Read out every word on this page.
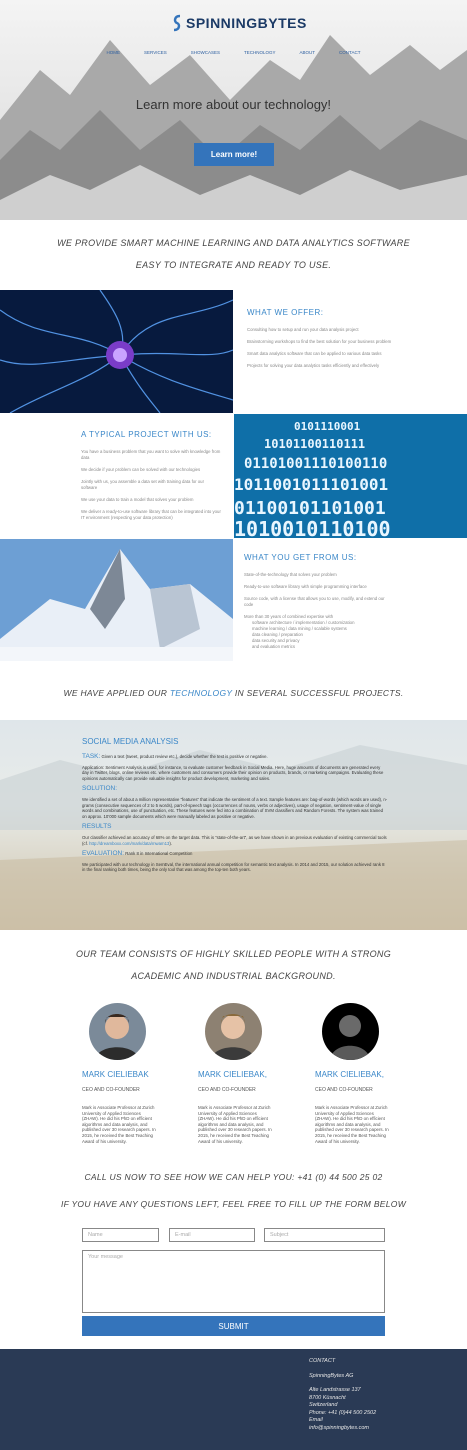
SPINNINGBYTES
HOME	SERVICES	SHOWCASES	TECHNOLOGY	ABOUT	CONTACT
Learn more about our technology!
Learn more!
WE PROVIDE SMART MACHINE LEARNING AND DATA ANALYTICS SOFTWARE
EASY TO INTEGRATE AND READY TO USE.
WHAT WE OFFER:
Consulting how to setup and run your data analysis project
Brainstorming workshops to find the best solution for your business problem
Smart data analytics software that can be applied to various data tasks
Projects for solving your data analytics tasks efficiently and effectively
0101110001
10101100110111
01101001110100110
1011001011101001
01100101101001
1010010110100
A TYPICAL PROJECT WITH US:
You have a business problem that you want to solve with knowledge from data
We decide if your problem can be solved with our technologies
Jointly with us, you assemble a data set with training data for our software
We use your data to train a model that solves your problem
We deliver a ready-to-use software library that can be integrated into your IT environment (respecting your data protection)
WHAT YOU GET FROM US:
State-of-the-technology that solves your problem
Ready-to-use software library with simple programming interface
Source code, with a license that allows you to use, modify, and extend our code
More than 30 years of combined expertise with
software architecture / implementation / customization
machine learning / data mining / scalable systems
data cleaning / preparation
data security and privacy
and evaluation metrics
WE HAVE APPLIED OUR TECHNOLOGY IN SEVERAL SUCCESSFUL PROJECTS.
SOCIAL MEDIA ANALYSIS

TASK: Given a text (tweet, product review etc.), decide whether the text is positive or negative.

Application: Sentiment Analysis is used, for instance, to evaluate customer feedback in Social Media. Here, huge amounts of documents are generated every day in Twitter, blogs, online reviews etc. where customers and consumers provide their opinion on products, brands, or marketing campaigns. Evaluating these opinions automatically can provide valuable insights for product development, marketing and sales.

SOLUTION:

We identified a set of about a million representative “features” that indicate the sentiment of a text. Sample features are: bag-of-words (which words are used), n-grams (consecutive sequences of 2 to 5 words), part-of-speech tags (occurrences of nouns, verbs or adjectives), usage of negation, sentiment-value of single words and combinations, use of punctuation, etc. These features were fed into a combination of SVM classifiers and Random Forests. The system was trained on approx. 10’000 sample documents which were manually labeled as positive or negative.

RESULTS

Our classifier achieved an accuracy of 68% on the target data. This is “state-of-the-art”, as we have shown in an previous evaluation of existing commercial tools (cf. http://dreamboxx.com/mark/data/mwam13).

EVALUATION: Rank 8 in International Competition

We participated with our technology in SemEval, the international annual competition for semantic text analysis. In 2014 and 2015, our solution achieved rank 8 in the final ranking both times, being the only tool that was among the top-ten both years.

OUR TEAM CONSISTS OF HIGHLY SKILLED PEOPLE WITH A STRONG
ACADEMIC AND INDUSTRIAL BACKGROUND.
MARK CIELIEBAK
CEO AND CO-FOUNDER
Mark is Associate Professor at Zurich University of Applied Sciences (ZHAW). He did his PhD on efficient algorithms and data analysis, and published over 30 research papers. In 2015, he received the Best Teaching Award of his university.
MARK CIELIEBAK,
CEO AND CO-FOUNDER
Mark is Associate Professor at Zurich University of Applied Sciences (ZHAW). He did his PhD on efficient algorithms and data analysis, and published over 30 research papers. In 2015, he received the Best Teaching Award of his university.
MARK CIELIEBAK,
CEO AND CO-FOUNDER
Mark is Associate Professor at Zurich University of Applied Sciences (ZHAW). He did his PhD on efficient algorithms and data analysis, and published over 30 research papers. In 2015, he received the Best Teaching Award of his university.
CALL US NOW TO SEE HOW WE CAN HELP YOU: +41 (0) 44 500 25 02
IF YOU HAVE ANY QUESTIONS LEFT, FEEL FREE TO FILL UP THE FORM BELOW
Name	E-mail	Subject
Your message
SUBMIT
CONTACT
SpinningBytes AG
Alte Landstrasse 137
8700 Küsnacht
Switzerland
Phone: +41 (0)44 500 2502
Email
info@spinningbytes.com
